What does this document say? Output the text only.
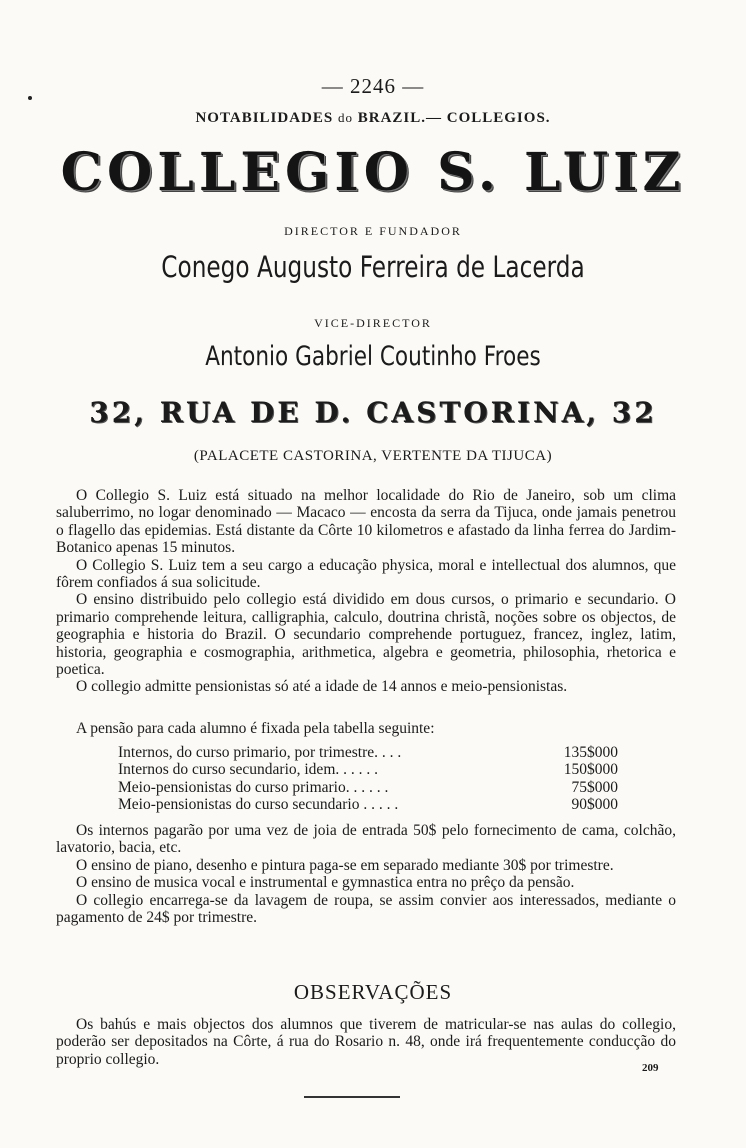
— 2246 —
NOTABILIDADES do BRAZIL.— COLLEGIOS.
COLLEGIO S. LUIZ
DIRECTOR E FUNDADOR
Conego Augusto Ferreira de Lacerda
VICE-DIRECTOR
Antonio Gabriel Coutinho Froes
32, RUA DE D. CASTORINA, 32
(PALACETE CASTORINA, VERTENTE DA TIJUCA)

O Collegio S. Luiz está situado na melhor localidade do Rio de Janeiro, sob um clima saluberrimo, no logar denominado — Macaco — encosta da serra da Tijuca, onde jamais penetrou o flagello das epidemias. Está distante da Côrte 10 kilometros e afastado da linha ferrea do Jardim-Botanico apenas 15 minutos.

O Collegio S. Luiz tem a seu cargo a educação physica, moral e intellectual dos alumnos, que fôrem confiados á sua solicitude.

O ensino distribuido pelo collegio está dividido em dous cursos, o primario e secundario. O primario comprehende leitura, calligraphia, calculo, doutrina christã, noções sobre os objectos, de geographia e historia do Brazil. O secundario comprehende portuguez, francez, inglez, latim, historia, geographia e cosmographia, arithmetica, algebra e geometria, philosophia, rhetorica e poetica.

O collegio admitte pensionistas só até a idade de 14 annos e meio-pensionistas.

A pensão para cada alumno é fixada pela tabella seguinte:

Internos, do curso primario, por trimestre. . . .	135$000
Internos do curso secundario, idem. . . . . .	150$000
Meio-pensionistas do curso primario. . . . . .	75$000
Meio-pensionistas do curso secundario . . . . .	90$000

Os internos pagarão por uma vez de joia de entrada 50$ pelo fornecimento de cama, colchão, lavatorio, bacia, etc.

O ensino de piano, desenho e pintura paga-se em separado mediante 30$ por trimestre.

O ensino de musica vocal e instrumental e gymnastica entra no prêço da pensão.

O collegio encarrega-se da lavagem de roupa, se assim convier aos interessados, mediante o pagamento de 24$ por trimestre.

OBSERVAÇÕES

Os bahús e mais objectos dos alumnos que tiverem de matricular-se nas aulas do collegio, poderão ser depositados na Côrte, á rua do Rosario n. 48, onde irá frequentemente conducção do proprio collegio.

209
